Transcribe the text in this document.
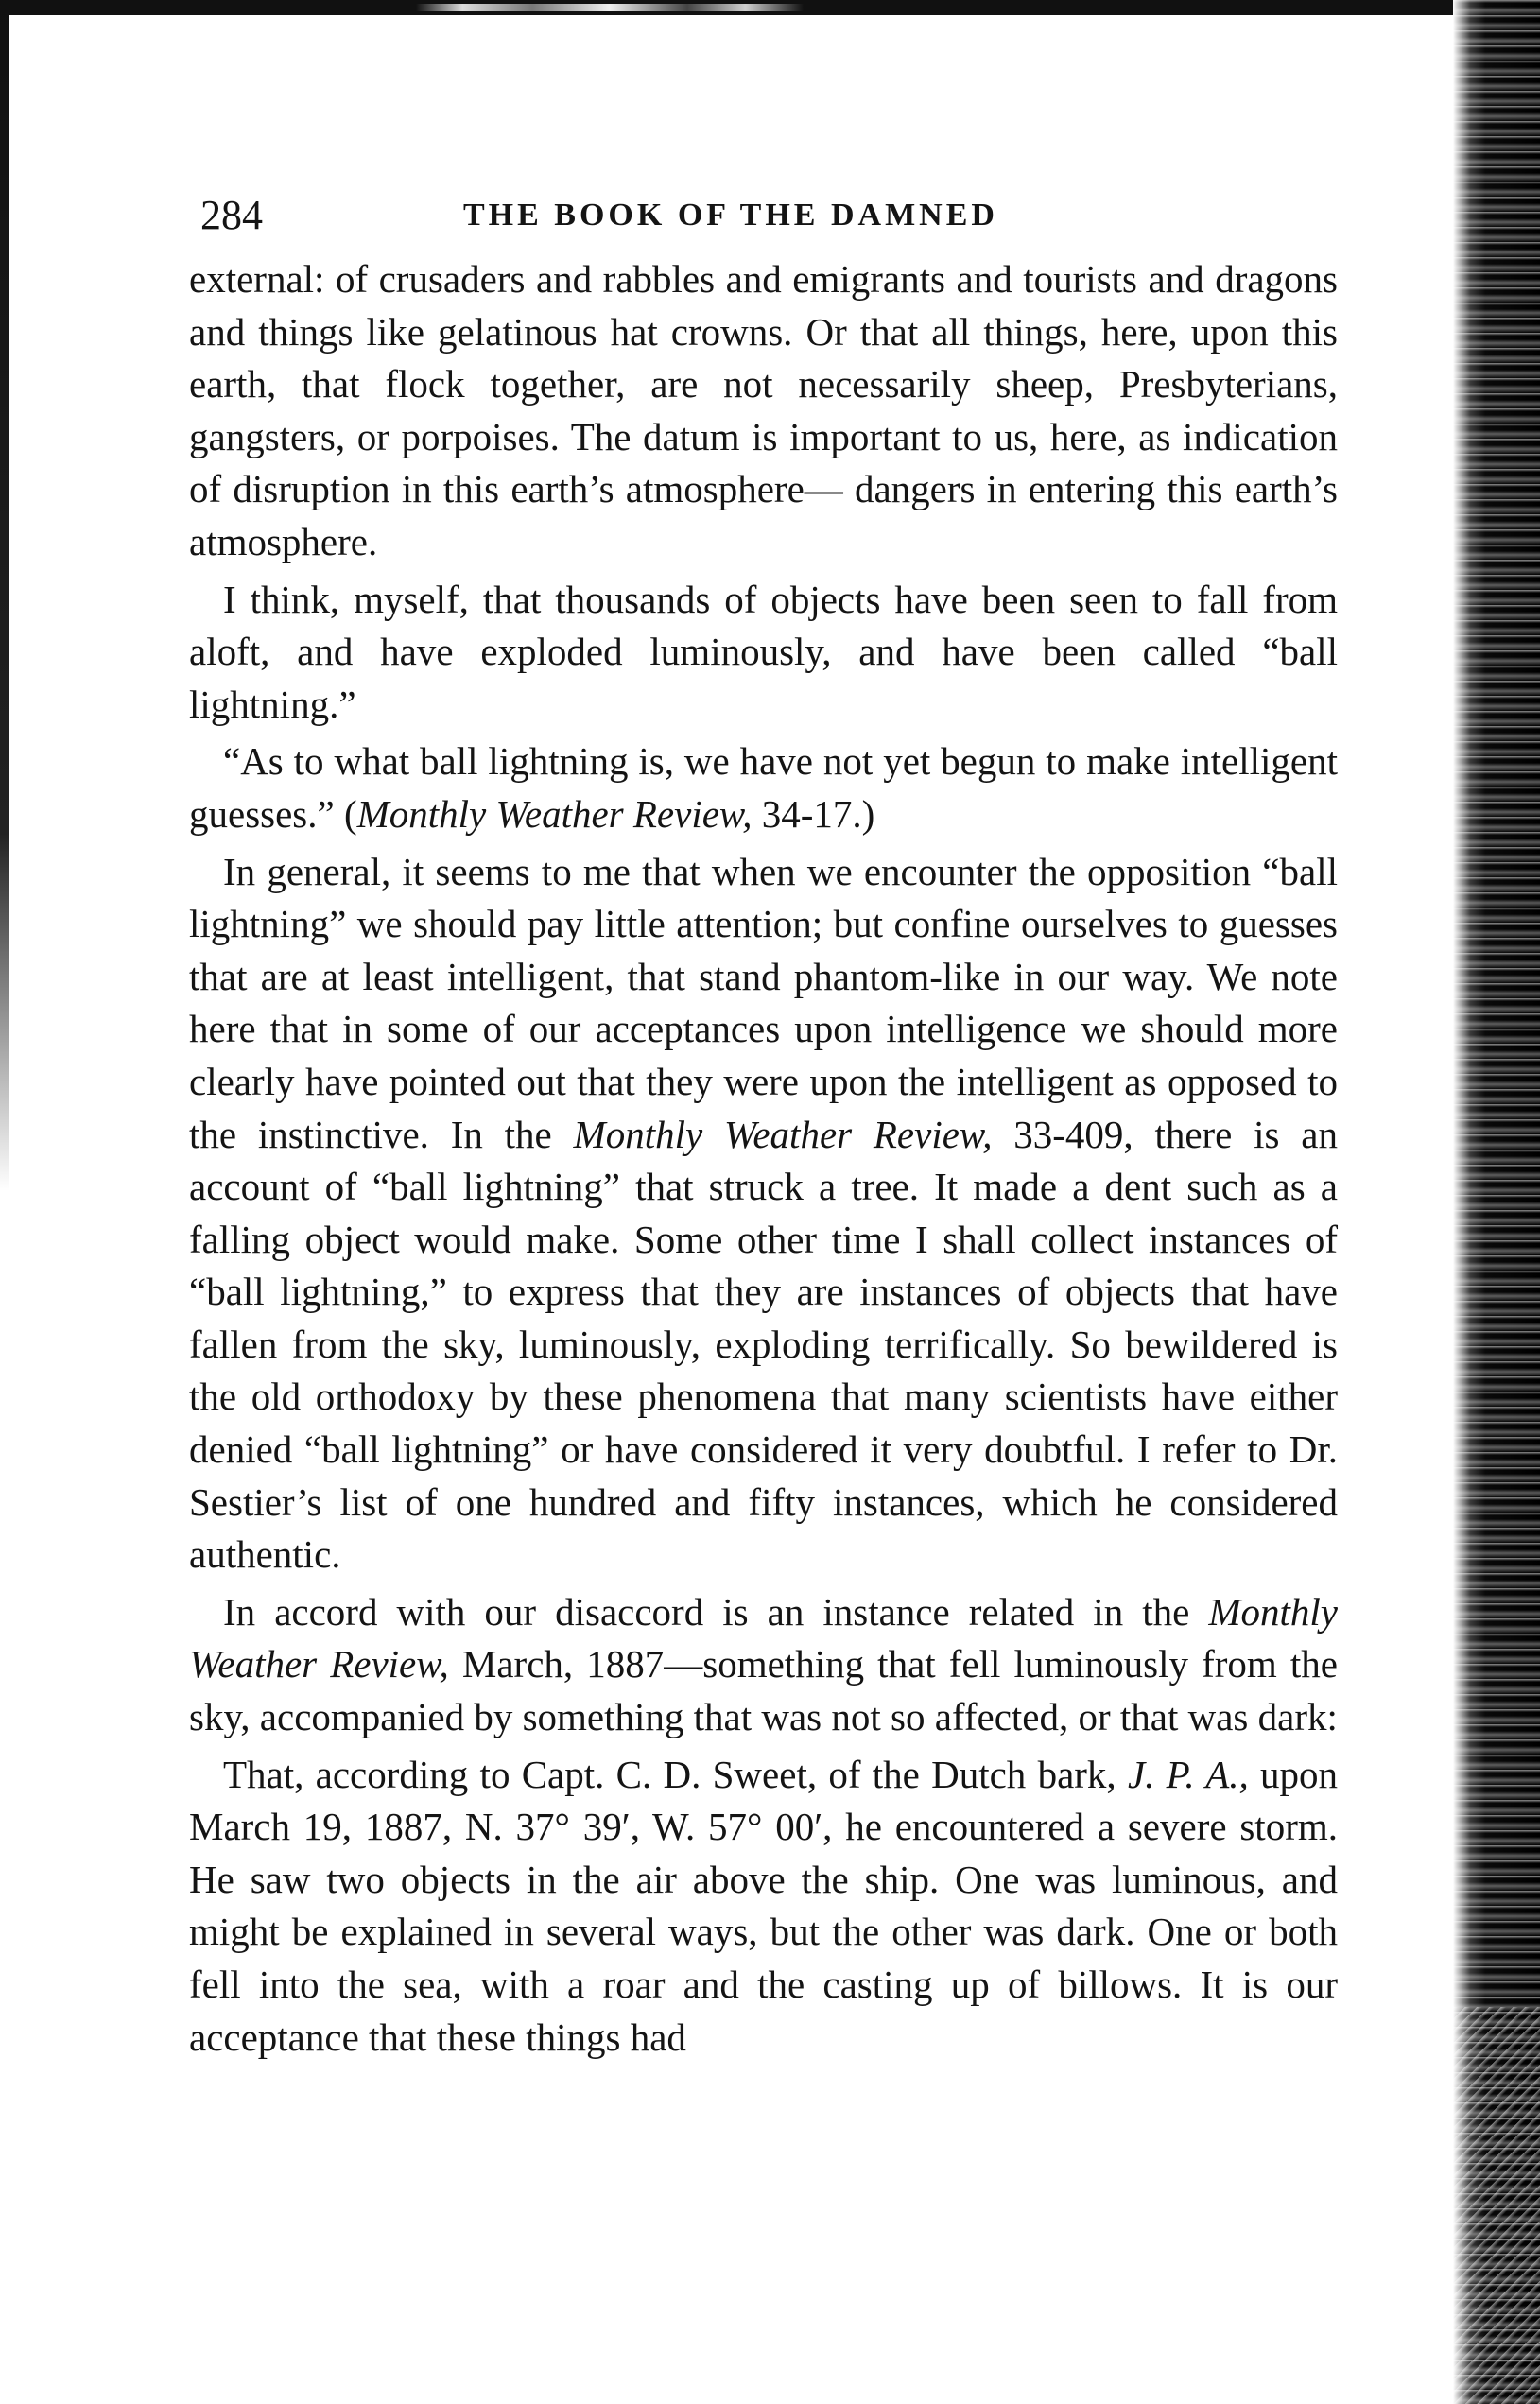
284	THE BOOK OF THE DAMNED

external: of crusaders and rabbles and emigrants and tourists and dragons and things like gelatinous hat crowns. Or that all things, here, upon this earth, that flock together, are not necessarily sheep, Presbyterians, gangsters, or porpoises. The datum is important to us, here, as indication of disruption in this earth’s atmosphere— dangers in entering this earth’s atmosphere.

I think, myself, that thousands of objects have been seen to fall from aloft, and have exploded luminously, and have been called “ball lightning.”

“As to what ball lightning is, we have not yet begun to make intelligent guesses.” (Monthly Weather Review, 34-17.)

In general, it seems to me that when we encounter the opposition “ball lightning” we should pay little attention; but confine ourselves to guesses that are at least intelligent, that stand phantom-like in our way. We note here that in some of our acceptances upon intelligence we should more clearly have pointed out that they were upon the intelligent as opposed to the instinctive. In the Monthly Weather Review, 33-409, there is an account of “ball lightning” that struck a tree. It made a dent such as a falling object would make. Some other time I shall collect instances of “ball lightning,” to express that they are instances of objects that have fallen from the sky, luminously, exploding terrifically. So bewildered is the old orthodoxy by these phenomena that many scientists have either denied “ball lightning” or have considered it very doubtful. I refer to Dr. Sestier’s list of one hundred and fifty instances, which he considered authentic.

In accord with our disaccord is an instance related in the Monthly Weather Review, March, 1887—something that fell luminously from the sky, accompanied by something that was not so affected, or that was dark:

That, according to Capt. C. D. Sweet, of the Dutch bark, J. P. A., upon March 19, 1887, N. 37° 39′, W. 57° 00′, he encountered a severe storm. He saw two objects in the air above the ship. One was luminous, and might be explained in several ways, but the other was dark. One or both fell into the sea, with a roar and the casting up of billows. It is our acceptance that these things had
